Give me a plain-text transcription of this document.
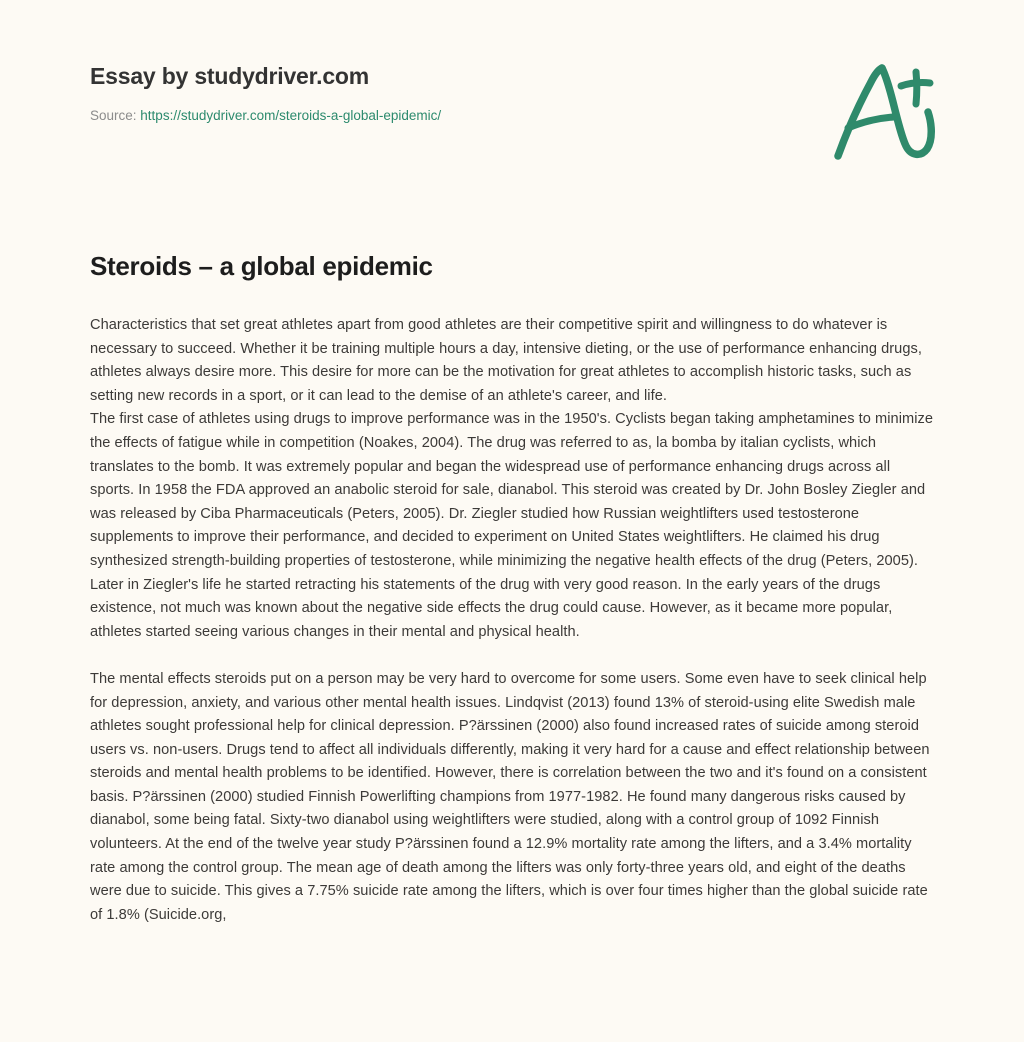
Essay by studydriver.com
Source: https://studydriver.com/steroids-a-global-epidemic/
Steroids – a global epidemic

Characteristics that set great athletes apart from good athletes are their competitive spirit and willingness to do whatever is necessary to succeed. Whether it be training multiple hours a day, intensive dieting, or the use of performance enhancing drugs, athletes always desire more. This desire for more can be the motivation for great athletes to accomplish historic tasks, such as setting new records in a sport, or it can lead to the demise of an athlete's career, and life.

The first case of athletes using drugs to improve performance was in the 1950's. Cyclists began taking amphetamines to minimize the effects of fatigue while in competition (Noakes, 2004). The drug was referred to as, la bomba by italian cyclists, which translates to the bomb. It was extremely popular and began the widespread use of performance enhancing drugs across all sports. In 1958 the FDA approved an anabolic steroid for sale, dianabol. This steroid was created by Dr. John Bosley Ziegler and was released by Ciba Pharmaceuticals (Peters, 2005). Dr. Ziegler studied how Russian weightlifters used testosterone supplements to improve their performance, and decided to experiment on United States weightlifters. He claimed his drug synthesized strength-building properties of testosterone, while minimizing the negative health effects of the drug (Peters, 2005). Later in Ziegler's life he started retracting his statements of the drug with very good reason. In the early years of the drugs existence, not much was known about the negative side effects the drug could cause. However, as it became more popular, athletes started seeing various changes in their mental and physical health.

The mental effects steroids put on a person may be very hard to overcome for some users. Some even have to seek clinical help for depression, anxiety, and various other mental health issues. Lindqvist (2013) found 13% of steroid-using elite Swedish male athletes sought professional help for clinical depression. P?ärssinen (2000) also found increased rates of suicide among steroid users vs. non-users. Drugs tend to affect all individuals differently, making it very hard for a cause and effect relationship between steroids and mental health problems to be identified. However, there is correlation between the two and it's found on a consistent basis. P?ärssinen (2000) studied Finnish Powerlifting champions from 1977-1982. He found many dangerous risks caused by dianabol, some being fatal. Sixty-two dianabol using weightlifters were studied, along with a control group of 1092 Finnish volunteers. At the end of the twelve year study P?ärssinen found a 12.9% mortality rate among the lifters, and a 3.4% mortality rate among the control group. The mean age of death among the lifters was only forty-three years old, and eight of the deaths were due to suicide. This gives a 7.75% suicide rate among the lifters, which is over four times higher than the global suicide rate of 1.8% (Suicide.org,
